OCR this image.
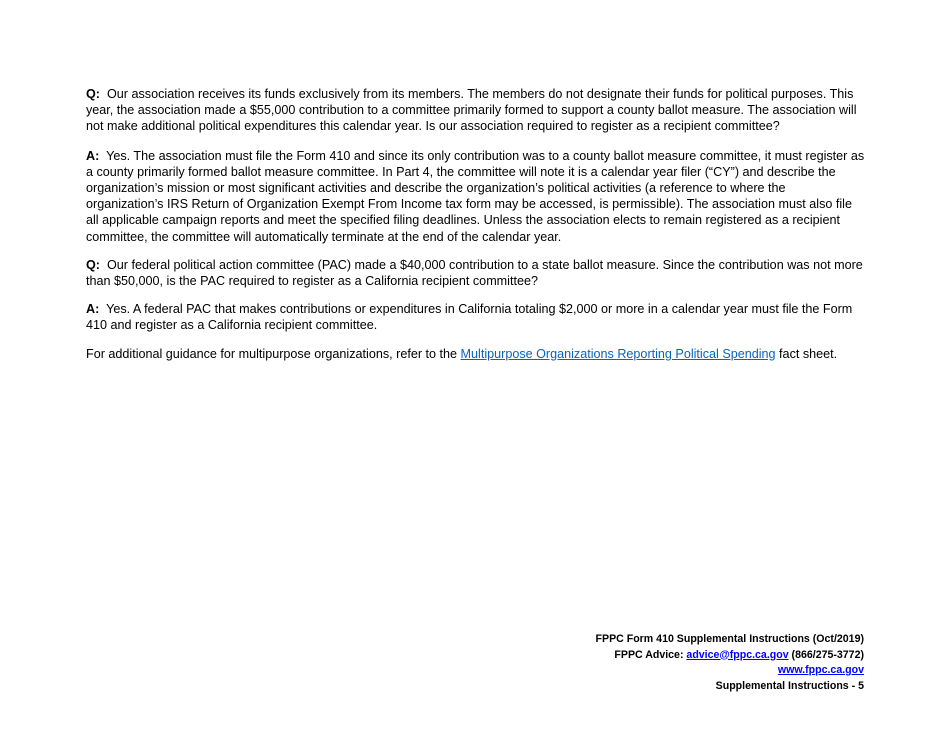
Q: Our association receives its funds exclusively from its members. The members do not designate their funds for political purposes. This year, the association made a $55,000 contribution to a committee primarily formed to support a county ballot measure. The association will not make additional political expenditures this calendar year. Is our association required to register as a recipient committee?

A: Yes. The association must file the Form 410 and since its only contribution was to a county ballot measure committee, it must register as a county primarily formed ballot measure committee. In Part 4, the committee will note it is a calendar year filer (“CY”) and describe the organization’s mission or most significant activities and describe the organization’s political activities (a reference to where the organization’s IRS Return of Organization Exempt From Income tax form may be accessed, is permissible). The association must also file all applicable campaign reports and meet the specified filing deadlines. Unless the association elects to remain registered as a recipient committee, the committee will automatically terminate at the end of the calendar year.

Q: Our federal political action committee (PAC) made a $40,000 contribution to a state ballot measure. Since the contribution was not more than $50,000, is the PAC required to register as a California recipient committee?

A: Yes. A federal PAC that makes contributions or expenditures in California totaling $2,000 or more in a calendar year must file the Form 410 and register as a California recipient committee.

For additional guidance for multipurpose organizations, refer to the Multipurpose Organizations Reporting Political Spending fact sheet.

FPPC Form 410 Supplemental Instructions (Oct/2019)
FPPC Advice: advice@fppc.ca.gov (866/275-3772)
www.fppc.ca.gov
Supplemental Instructions - 5
